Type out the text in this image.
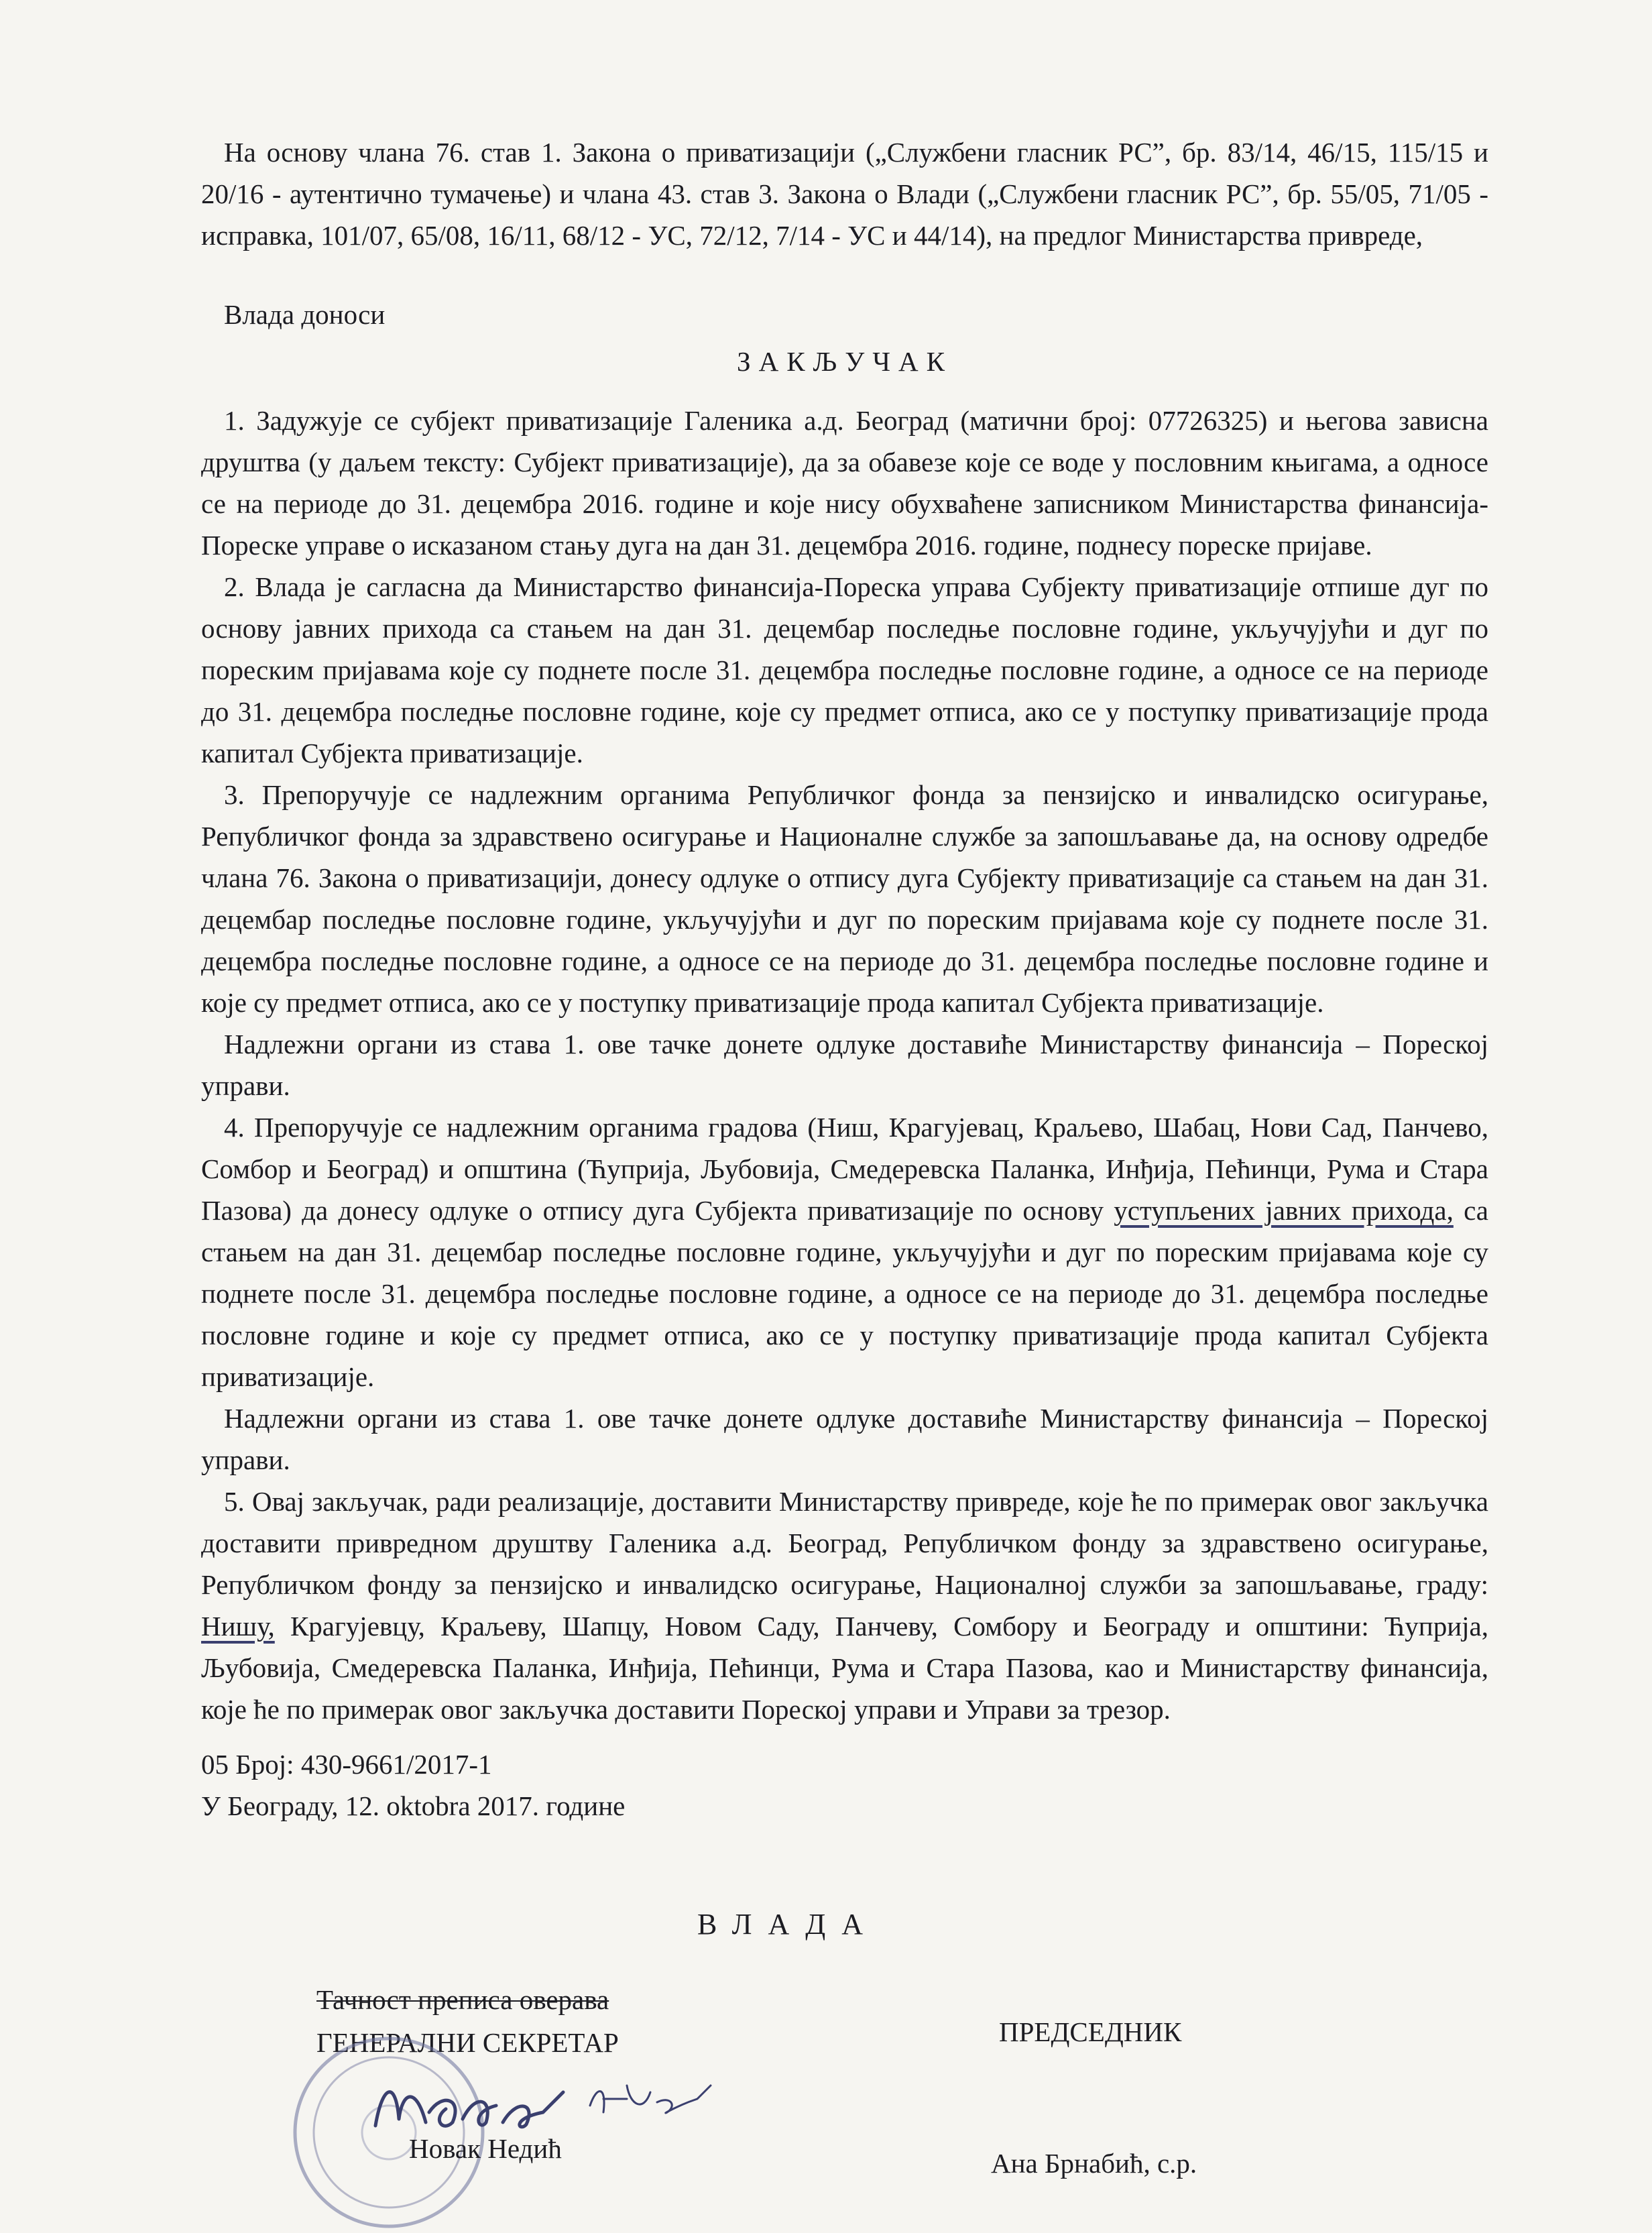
На основу члана 76. став 1. Закона о приватизацији („Службени гласник РС”, бр. 83/14, 46/15, 115/15 и 20/16 - аутентично тумачење) и члана 43. став 3. Закона о Влади („Службени гласник РС”, бр. 55/05, 71/05 - исправка, 101/07, 65/08, 16/11, 68/12 - УС, 72/12, 7/14 - УС и 44/14), на предлог Министарства привреде,

Влада доноси

ЗАКЉУЧАК

1. Задужује се субјект приватизације Галеника а.д. Београд (матични број: 07726325) и његова зависна друштва (у даљем тексту: Субјект приватизације), да за обавезе које се воде у пословним књигама, а односе се на периоде до 31. децембра 2016. године и које нису обухваћене записником Министарства финансија-Пореске управе о исказаном стању дуга на дан 31. децембра 2016. године, поднесу пореске пријаве.

2. Влада је сагласна да Министарство финансија-Пореска управа Субјекту приватизације отпише дуг по основу јавних прихода са стањем на дан 31. децембар последње пословне године, укључујући и дуг по пореским пријавама које су поднете после 31. децембра последње пословне године, а односе се на периоде до 31. децембра последње пословне године, које су предмет отписа, ако се у поступку приватизације прода капитал Субјекта приватизације.

3. Препоручује се надлежним органима Републичког фонда за пензијско и инвалидско осигурање, Републичког фонда за здравствено осигурање и Националне службе за запошљавање да, на основу одредбе члана 76. Закона о приватизацији, донесу одлуке о отпису дуга Субјекту приватизације са стањем на дан 31. децембар последње пословне године, укључујући и дуг по пореским пријавама које су поднете после 31. децембра последње пословне године, а односе се на периоде до 31. децембра последње пословне године и које су предмет отписа, ако се у поступку приватизације прода капитал Субјекта приватизације.

Надлежни органи из става 1. ове тачке донете одлуке доставиће Министарству финансија – Пореској управи.

4. Препоручује се надлежним органима градова (Ниш, Крагујевац, Краљево, Шабац, Нови Сад, Панчево, Сомбор и Београд) и општина (Ћуприја, Љубовија, Смедеревска Паланка, Инђија, Пећинци, Рума и Стара Пазова) да донесу одлуке о отпису дуга Субјекта приватизације по основу уступљених јавних прихода, са стањем на дан 31. децембар последње пословне године, укључујући и дуг по пореским пријавама које су поднете после 31. децембра последње пословне године, а односе се на периоде до 31. децембра последње пословне године и које су предмет отписа, ако се у поступку приватизације прода капитал Субјекта приватизације.

Надлежни органи из става 1. ове тачке донете одлуке доставиће Министарству финансија – Пореској управи.

5. Овај закључак, ради реализације, доставити Министарству привреде, које ће по примерак овог закључка доставити привредном друштву Галеника а.д. Београд, Републичком фонду за здравствено осигурање, Републичком фонду за пензијско и инвалидско осигурање, Националној служби за запошљавање, граду: Нишу, Крагујевцу, Краљеву, Шапцу, Новом Саду, Панчеву, Сомбору и Београду и општини: Ћуприја, Љубовија, Смедеревска Паланка, Инђија, Пећинци, Рума и Стара Пазова, као и Министарству финансија, које ће по примерак овог закључка доставити Пореској управи и Управи за трезор.

05 Број: 430-9661/2017-1
У Београду, 12. oktobra 2017. године
ВЛАДА
Тачност преписа оверава
ГЕНЕРАЛНИ СЕКРЕТАР	ПРЕДСЕДНИК
Новак Недић	Ана Брнабић, с.р.
